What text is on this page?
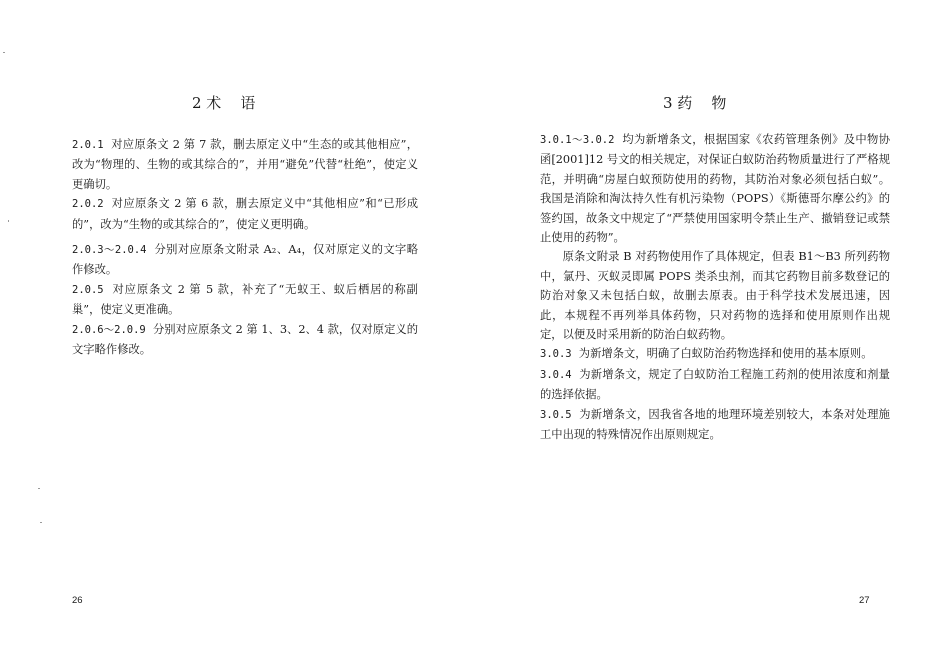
2 术    语

2.0.1 对应原条文 2 第 7 款，删去原定义中“生态的或其他相应”，改为“物理的、生物的或其综合的”，并用“避免”代替“杜绝”，使定义更确切。

2.0.2 对应原条文 2 第 6 款，删去原定义中“其他相应”和“已形成的”，改为“生物的或其综合的”，使定义更明确。

2.0.3～2.0.4 分别对应原条文附录 A₂、A₄，仅对原定义的文字略作修改。

2.0.5 对应原条文 2 第 5 款，补充了“无蚁王、蚁后栖居的称副巢”，使定义更准确。

2.0.6～2.0.9 分别对应原条文 2 第 1、3、2、4 款，仅对原定义的文字略作修改。

26
3 药    物

3.0.1～3.0.2 均为新增条文，根据国家《农药管理条例》及中物协函[2001]12 号文的相关规定，对保证白蚁防治药物质量进行了严格规范，并明确“房屋白蚁预防使用的药物，其防治对象必须包括白蚁”。我国是消除和淘汰持久性有机污染物（POPS）《斯德哥尔摩公约》的签约国，故条文中规定了“严禁使用国家明令禁止生产、撤销登记或禁止使用的药物”。

原条文附录 B 对药物使用作了具体规定，但表 B1～B3 所列药物中，氯丹、灭蚁灵即属 POPS 类杀虫剂，而其它药物目前多数登记的防治对象又未包括白蚁，故删去原表。由于科学技术发展迅速，因此，本规程不再列举具体药物，只对药物的选择和使用原则作出规定，以便及时采用新的防治白蚁药物。

3.0.3 为新增条文，明确了白蚁防治药物选择和使用的基本原则。

3.0.4 为新增条文，规定了白蚁防治工程施工药剂的使用浓度和剂量的选择依据。

3.0.5 为新增条文，因我省各地的地理环境差别较大，本条对处理施工中出现的特殊情况作出原则规定。

27
